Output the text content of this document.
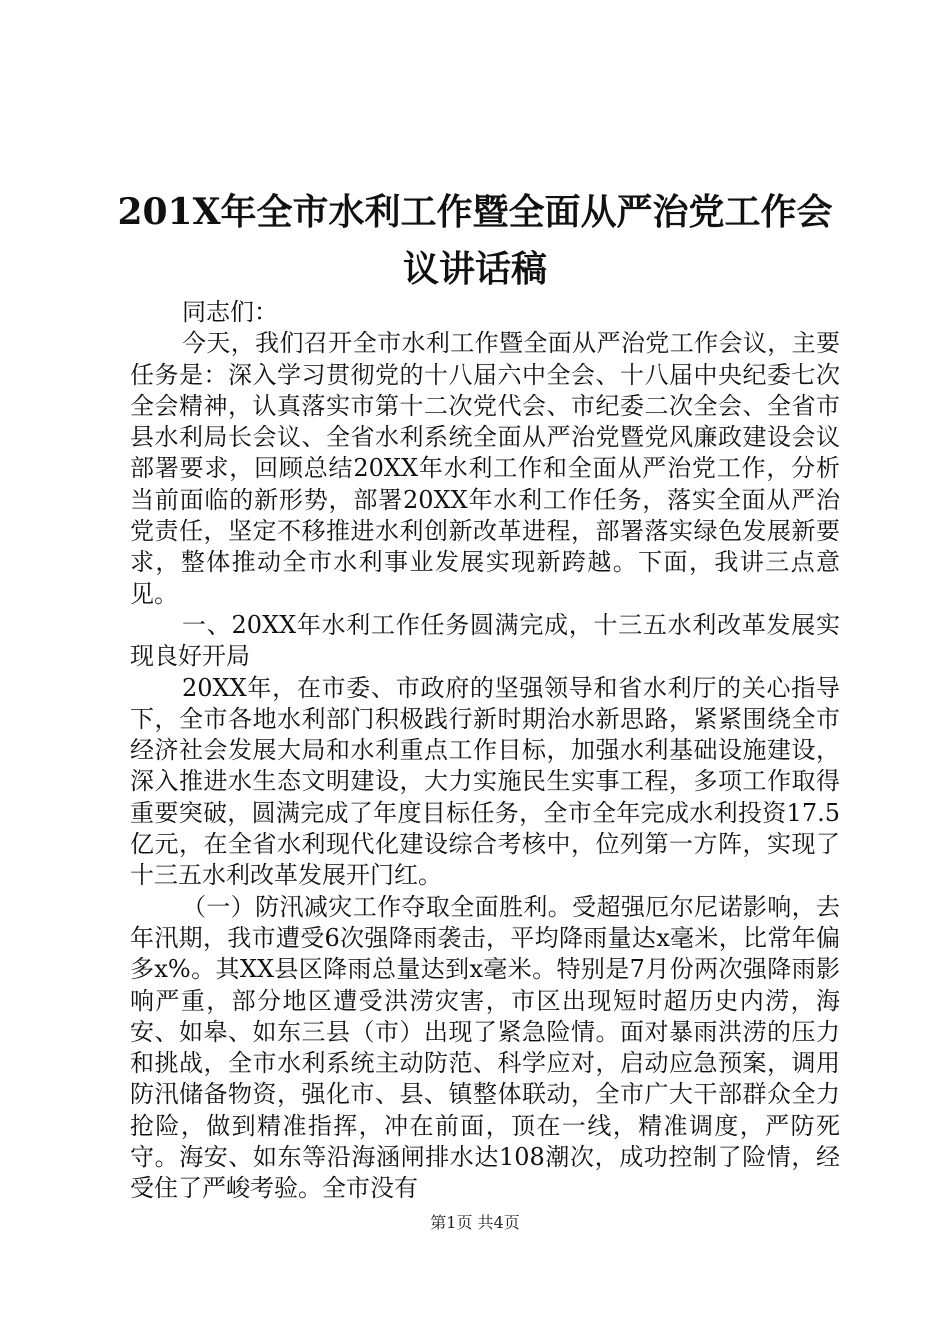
201X年全市水利工作暨全面从严治党工作会
议讲话稿

同志们：

今天，我们召开全市水利工作暨全面从严治党工作会议，主要任务是：深入学习贯彻党的十八届六中全会、十八届中央纪委七次全会精神，认真落实市第十二次党代会、市纪委二次全会、全省市县水利局长会议、全省水利系统全面从严治党暨党风廉政建设会议部署要求，回顾总结20XX年水利工作和全面从严治党工作，分析当前面临的新形势，部署20XX年水利工作任务，落实全面从严治党责任，坚定不移推进水利创新改革进程，部署落实绿色发展新要求，整体推动全市水利事业发展实现新跨越。下面，我讲三点意见。

一、20XX年水利工作任务圆满完成，十三五水利改革发展实现良好开局

20XX年，在市委、市政府的坚强领导和省水利厅的关心指导下，全市各地水利部门积极践行新时期治水新思路，紧紧围绕全市经济社会发展大局和水利重点工作目标，加强水利基础设施建设，深入推进水生态文明建设，大力实施民生实事工程，多项工作取得重要突破，圆满完成了年度目标任务，全市全年完成水利投资17.5亿元，在全省水利现代化建设综合考核中，位列第一方阵，实现了十三五水利改革发展开门红。

（一）防汛减灾工作夺取全面胜利。受超强厄尔尼诺影响，去年汛期，我市遭受6次强降雨袭击，平均降雨量达x毫米，比常年偏多x%。其XX县区降雨总量达到x毫米。特别是7月份两次强降雨影响严重，部分地区遭受洪涝灾害，市区出现短时超历史内涝，海安、如皋、如东三县（市）出现了紧急险情。面对暴雨洪涝的压力和挑战，全市水利系统主动防范、科学应对，启动应急预案，调用防汛储备物资，强化市、县、镇整体联动，全市广大干部群众全力抢险，做到精准指挥，冲在前面，顶在一线，精准调度，严防死守。海安、如东等沿海涵闸排水达108潮次，成功控制了险情，经受住了严峻考验。全市没有

第1页 共4页
